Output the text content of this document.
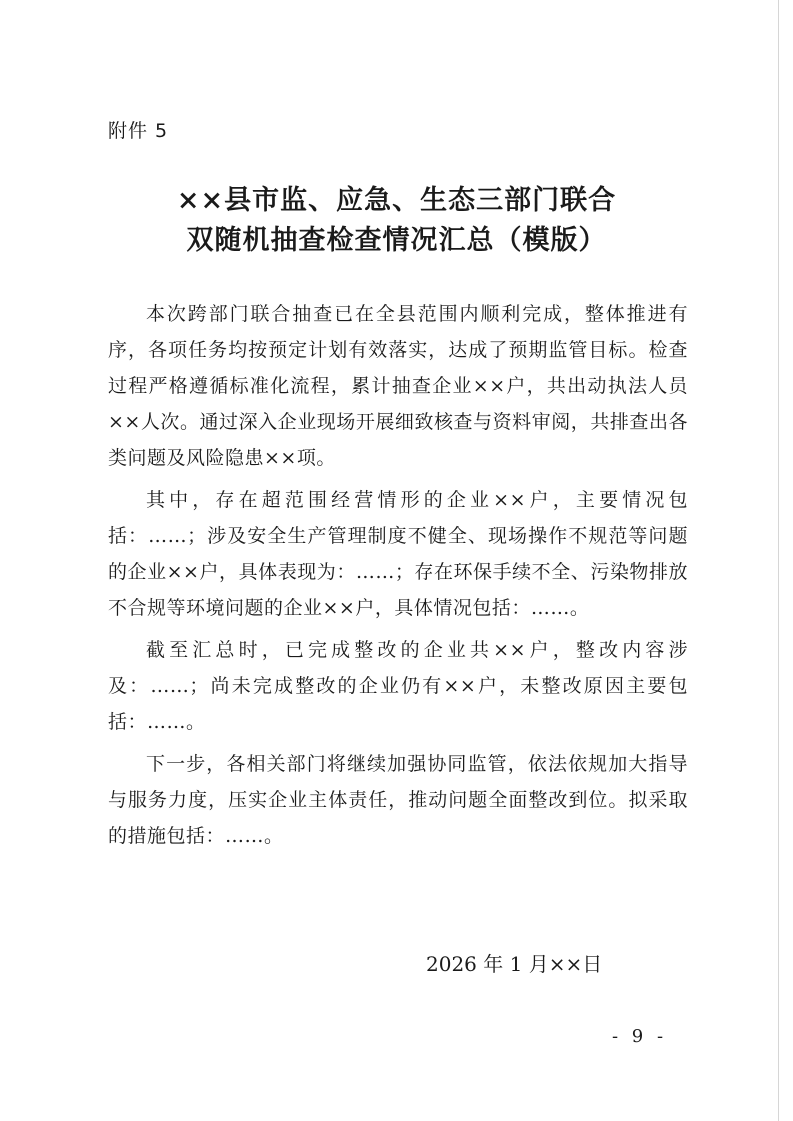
附件 5
××县市监、应急、生态三部门联合
双随机抽查检查情况汇总（模版）

本次跨部门联合抽查已在全县范围内顺利完成，整体推进有序，各项任务均按预定计划有效落实，达成了预期监管目标。检查过程严格遵循标准化流程，累计抽查企业××户，共出动执法人员××人次。通过深入企业现场开展细致核查与资料审阅，共排查出各类问题及风险隐患××项。

其中，存在超范围经营情形的企业××户，主要情况包括：……；涉及安全生产管理制度不健全、现场操作不规范等问题的企业××户，具体表现为：……；存在环保手续不全、污染物排放不合规等环境问题的企业××户，具体情况包括：……。

截至汇总时，已完成整改的企业共××户，整改内容涉及：……；尚未完成整改的企业仍有××户，未整改原因主要包括：……。

下一步，各相关部门将继续加强协同监管，依法依规加大指导与服务力度，压实企业主体责任，推动问题全面整改到位。拟采取的措施包括：……。

2026 年 1 月××日
- 9 -
